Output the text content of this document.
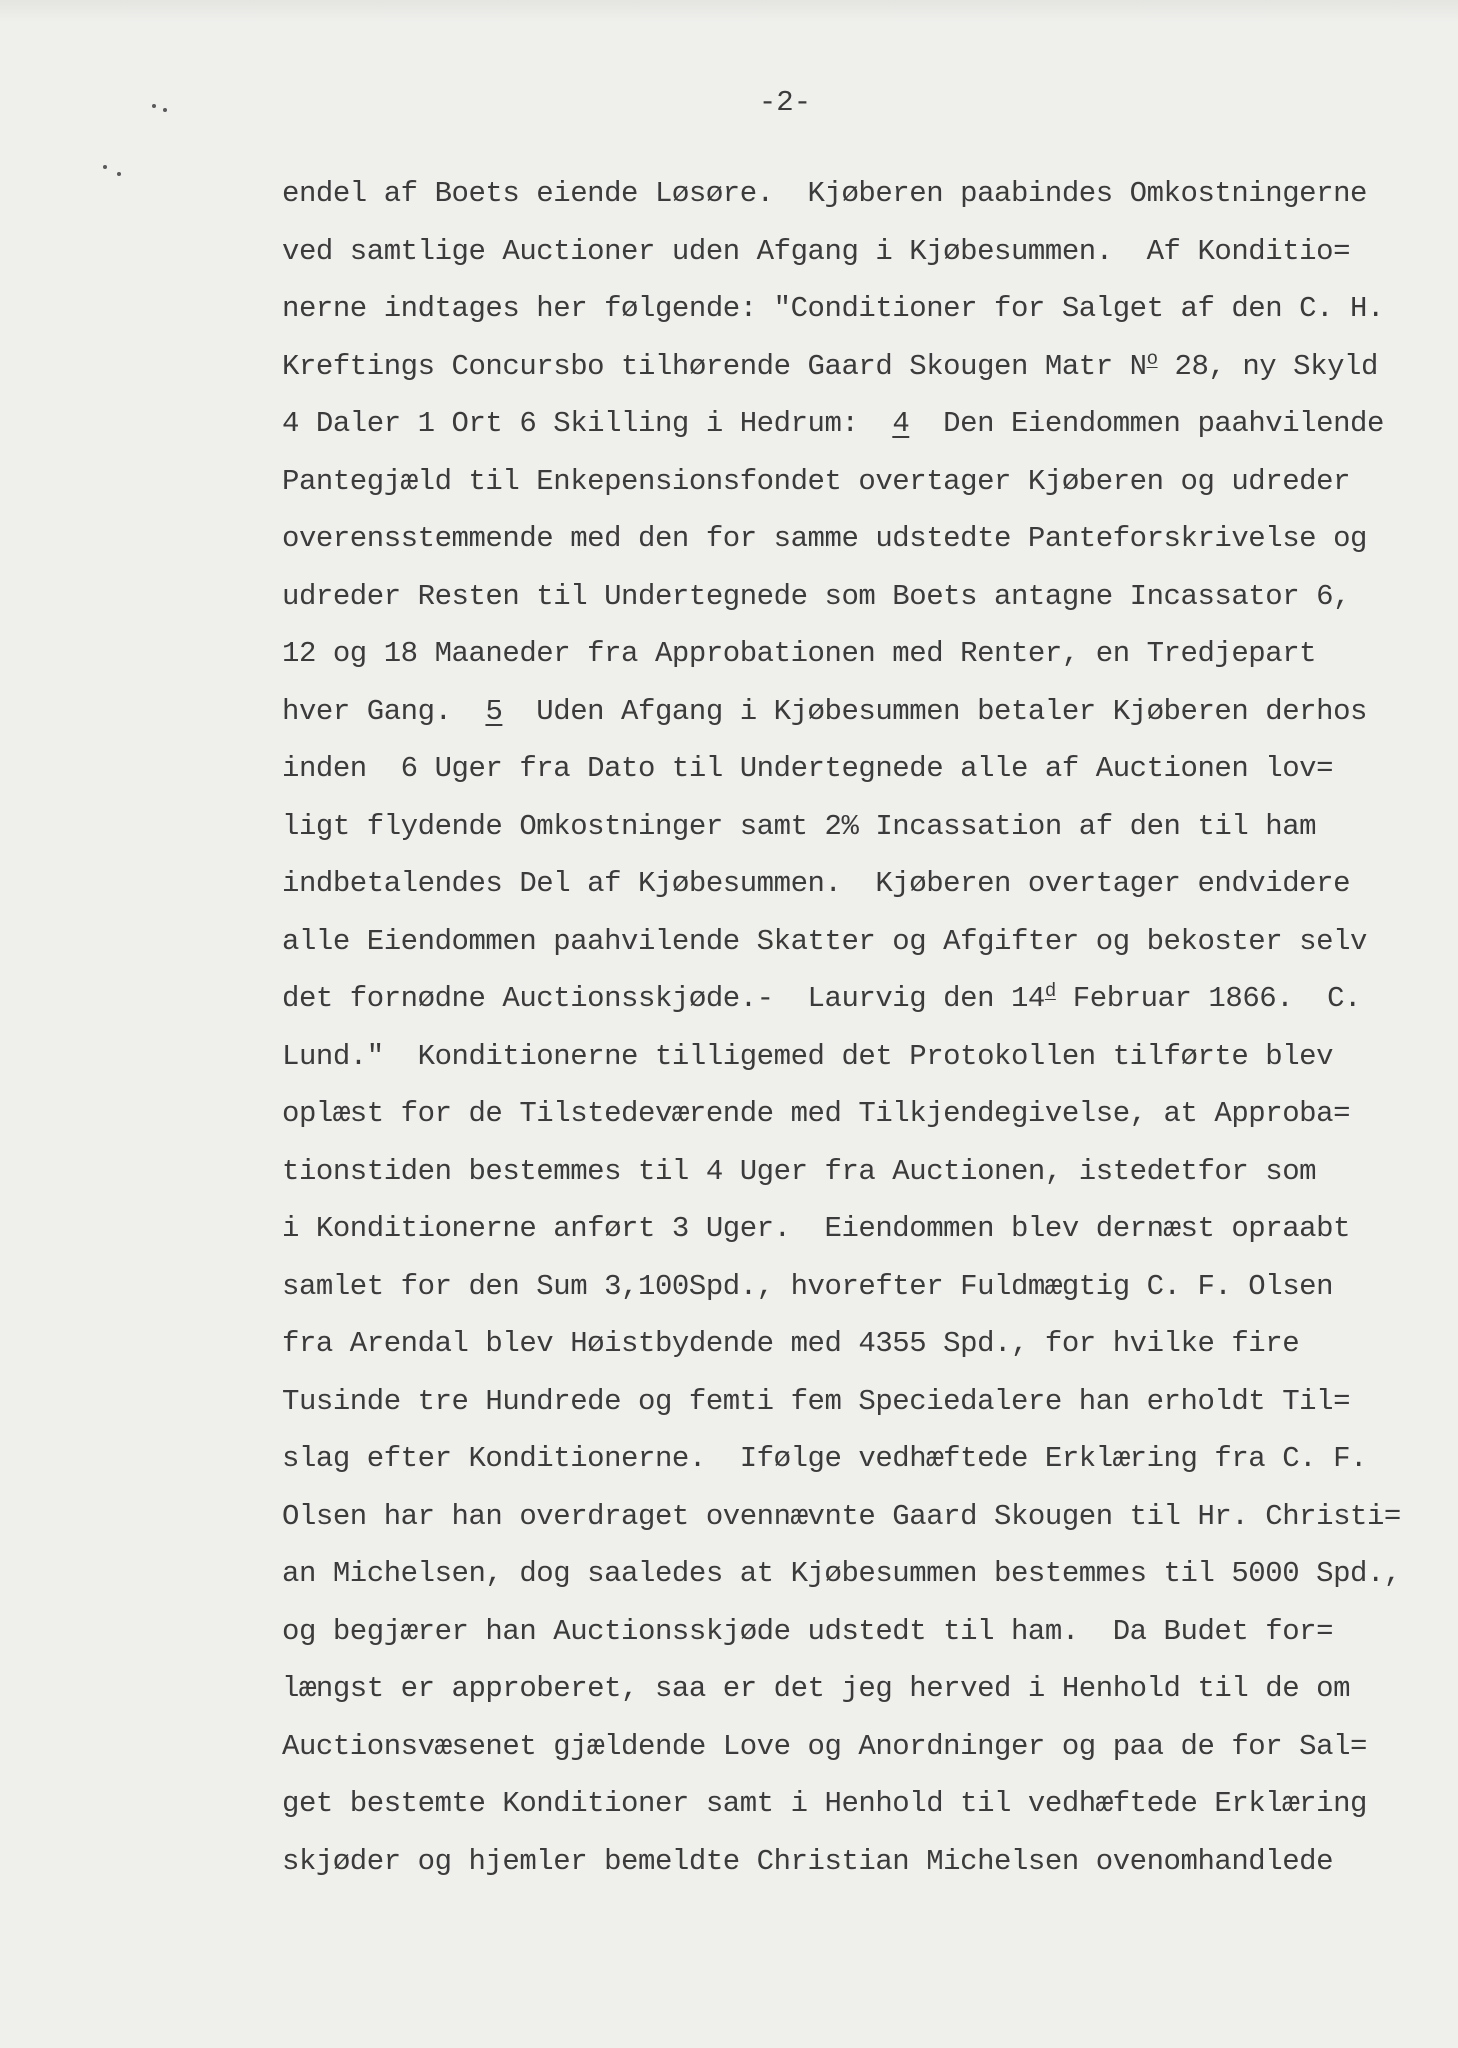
-2-
endel af Boets eiende Løsøre.  Kjøberen paabindes Omkostningerne
ved samtlige Auctioner uden Afgang i Kjøbesummen.  Af Konditio=
nerne indtages her følgende: "Conditioner for Salget af den C. H.
Kreftings Concursbo tilhørende Gaard Skougen Matr $N^o$ 28, ny Skyld
4 Daler 1 Ort 6 Skilling i Hedrum:  4  Den Eiendommen paahvilende
Pantegjæld til Enkepensionsfondet overtager Kjøberen og udreder
overensstemmende med den for samme udstedte Panteforskrivelse og
udreder Resten til Undertegnede som Boets antagne Incassator 6,
12 og 18 Maaneder fra Approbationen med Renter, en Tredjepart
hver Gang.  5  Uden Afgang i Kjøbesummen betaler Kjøberen derhos
inden  6 Uger fra Dato til Undertegnede alle af Auctionen lov=
ligt flydende Omkostninger samt 2% Incassation af den til ham
indbetalendes Del af Kjøbesummen.  Kjøberen overtager endvidere
alle Eiendommen paahvilende Skatter og Afgifter og bekoster selv
det fornødne Auctionsskjøde.-  Laurvig den 14$^d$ Februar 1866.  C.
Lund."  Konditionerne tilligemed det Protokollen tilførte blev
oplæst for de Tilstedeværende med Tilkjendegivelse, at Approba=
tionstiden bestemmes til 4 Uger fra Auctionen, istedetfor som
i Konditionerne anført 3 Uger.  Eiendommen blev dernæst opraabt
samlet for den Sum 3,100Spd., hvorefter Fuldmægtig C. F. Olsen
fra Arendal blev Høistbydende med 4355 Spd., for hvilke fire
Tusinde tre Hundrede og femti fem Speciedalere han erholdt Til=
slag efter Konditionerne.  Ifølge vedhæftede Erklæring fra C. F.
Olsen har han overdraget ovennævnte Gaard Skougen til Hr. Christi=
an Michelsen, dog saaledes at Kjøbesummen bestemmes til 5000 Spd.,
og begjærer han Auctionsskjøde udstedt til ham.  Da Budet for=
længst er approberet, saa er det jeg herved i Henhold til de om
Auctionsvæsenet gjældende Love og Anordninger og paa de for Sal=
get bestemte Konditioner samt i Henhold til vedhæftede Erklæring
skjøder og hjemler bemeldte Christian Michelsen ovenomhandlede
